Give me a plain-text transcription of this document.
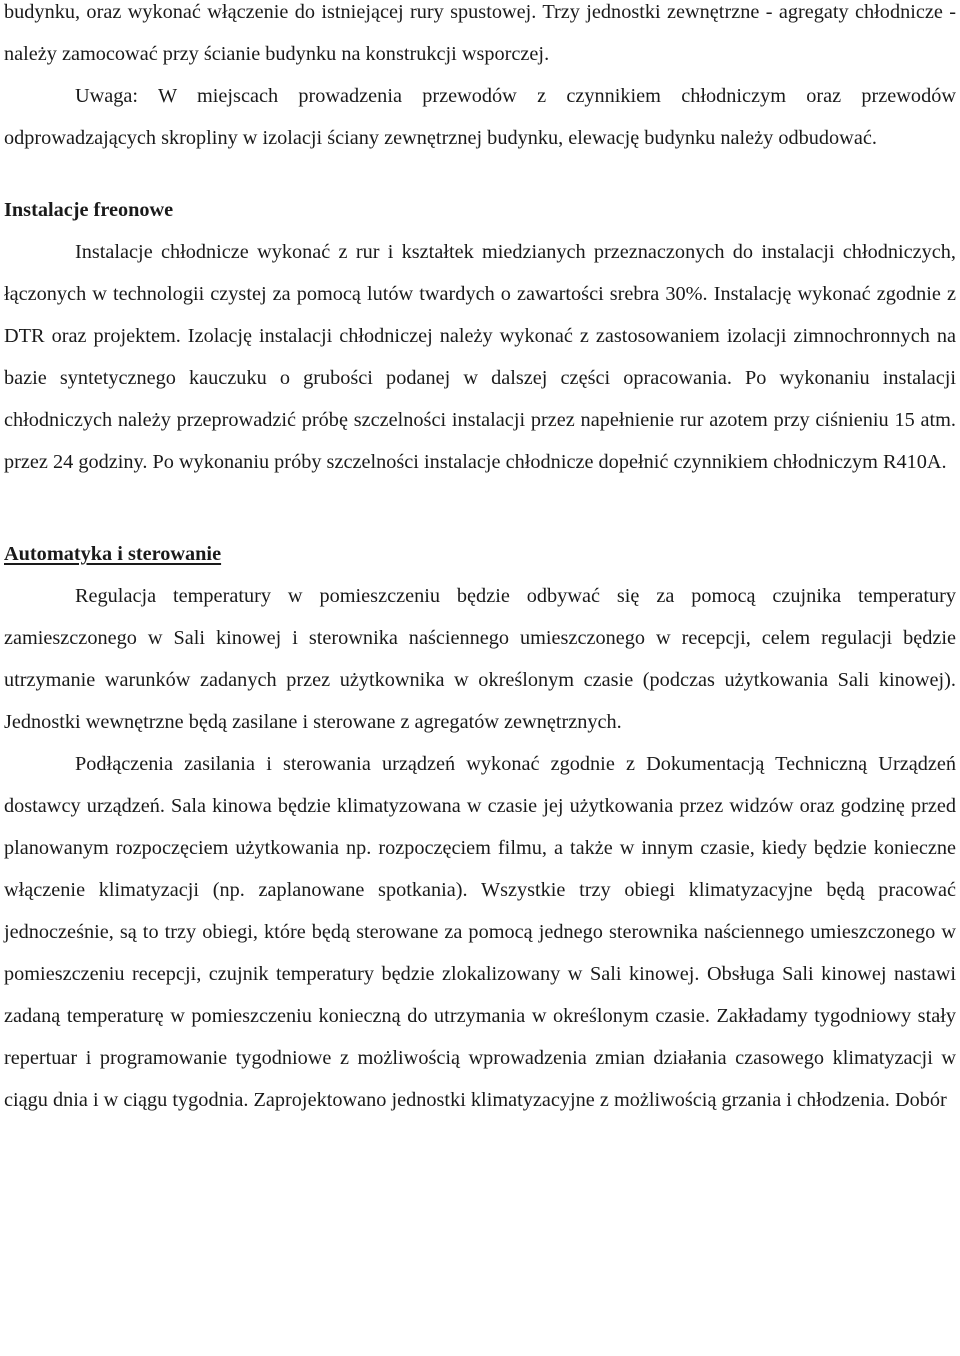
budynku, oraz wykonać włączenie do istniejącej rury spustowej. Trzy jednostki zewnętrzne - agregaty chłodnicze - należy zamocować przy ścianie budynku na konstrukcji wsporczej.

Uwaga: W miejscach prowadzenia przewodów z czynnikiem chłodniczym oraz przewodów odprowadzających skropliny w izolacji ściany zewnętrznej budynku, elewację budynku należy odbudować.

Instalacje freonowe

Instalacje chłodnicze wykonać z rur i kształtek miedzianych przeznaczonych do instalacji chłodniczych, łączonych w technologii czystej za pomocą lutów twardych o zawartości srebra 30%. Instalację wykonać zgodnie z DTR oraz projektem. Izolację instalacji chłodniczej należy wykonać z zastosowaniem izolacji zimnochronnych na bazie syntetycznego kauczuku o grubości podanej w dalszej części opracowania. Po wykonaniu instalacji chłodniczych należy przeprowadzić próbę szczelności instalacji przez napełnienie rur azotem przy ciśnieniu 15 atm. przez 24 godziny. Po wykonaniu próby szczelności instalacje chłodnicze dopełnić czynnikiem chłodniczym R410A.

Automatyka i sterowanie

Regulacja temperatury w pomieszczeniu będzie odbywać się za pomocą czujnika temperatury zamieszczonego w Sali kinowej i sterownika naściennego umieszczonego w recepcji, celem regulacji będzie utrzymanie warunków zadanych przez użytkownika w określonym czasie (podczas użytkowania Sali kinowej). Jednostki wewnętrzne będą zasilane i sterowane z agregatów zewnętrznych.

Podłączenia zasilania i sterowania urządzeń wykonać zgodnie z Dokumentacją Techniczną Urządzeń dostawcy urządzeń. Sala kinowa będzie klimatyzowana w czasie jej użytkowania przez widzów oraz godzinę przed planowanym rozpoczęciem użytkowania np. rozpoczęciem filmu, a także w innym czasie, kiedy będzie konieczne włączenie klimatyzacji (np. zaplanowane spotkania). Wszystkie trzy obiegi klimatyzacyjne będą pracować jednocześnie, są to trzy obiegi, które będą sterowane za pomocą jednego sterownika naściennego umieszczonego w pomieszczeniu recepcji, czujnik temperatury będzie zlokalizowany w Sali kinowej. Obsługa Sali kinowej nastawi zadaną temperaturę w pomieszczeniu konieczną do utrzymania w określonym czasie. Zakładamy tygodniowy stały repertuar i programowanie tygodniowe z możliwością wprowadzenia zmian działania czasowego klimatyzacji w ciągu dnia i w ciągu tygodnia. Zaprojektowano jednostki klimatyzacyjne z możliwością grzania i chłodzenia. Dobór
